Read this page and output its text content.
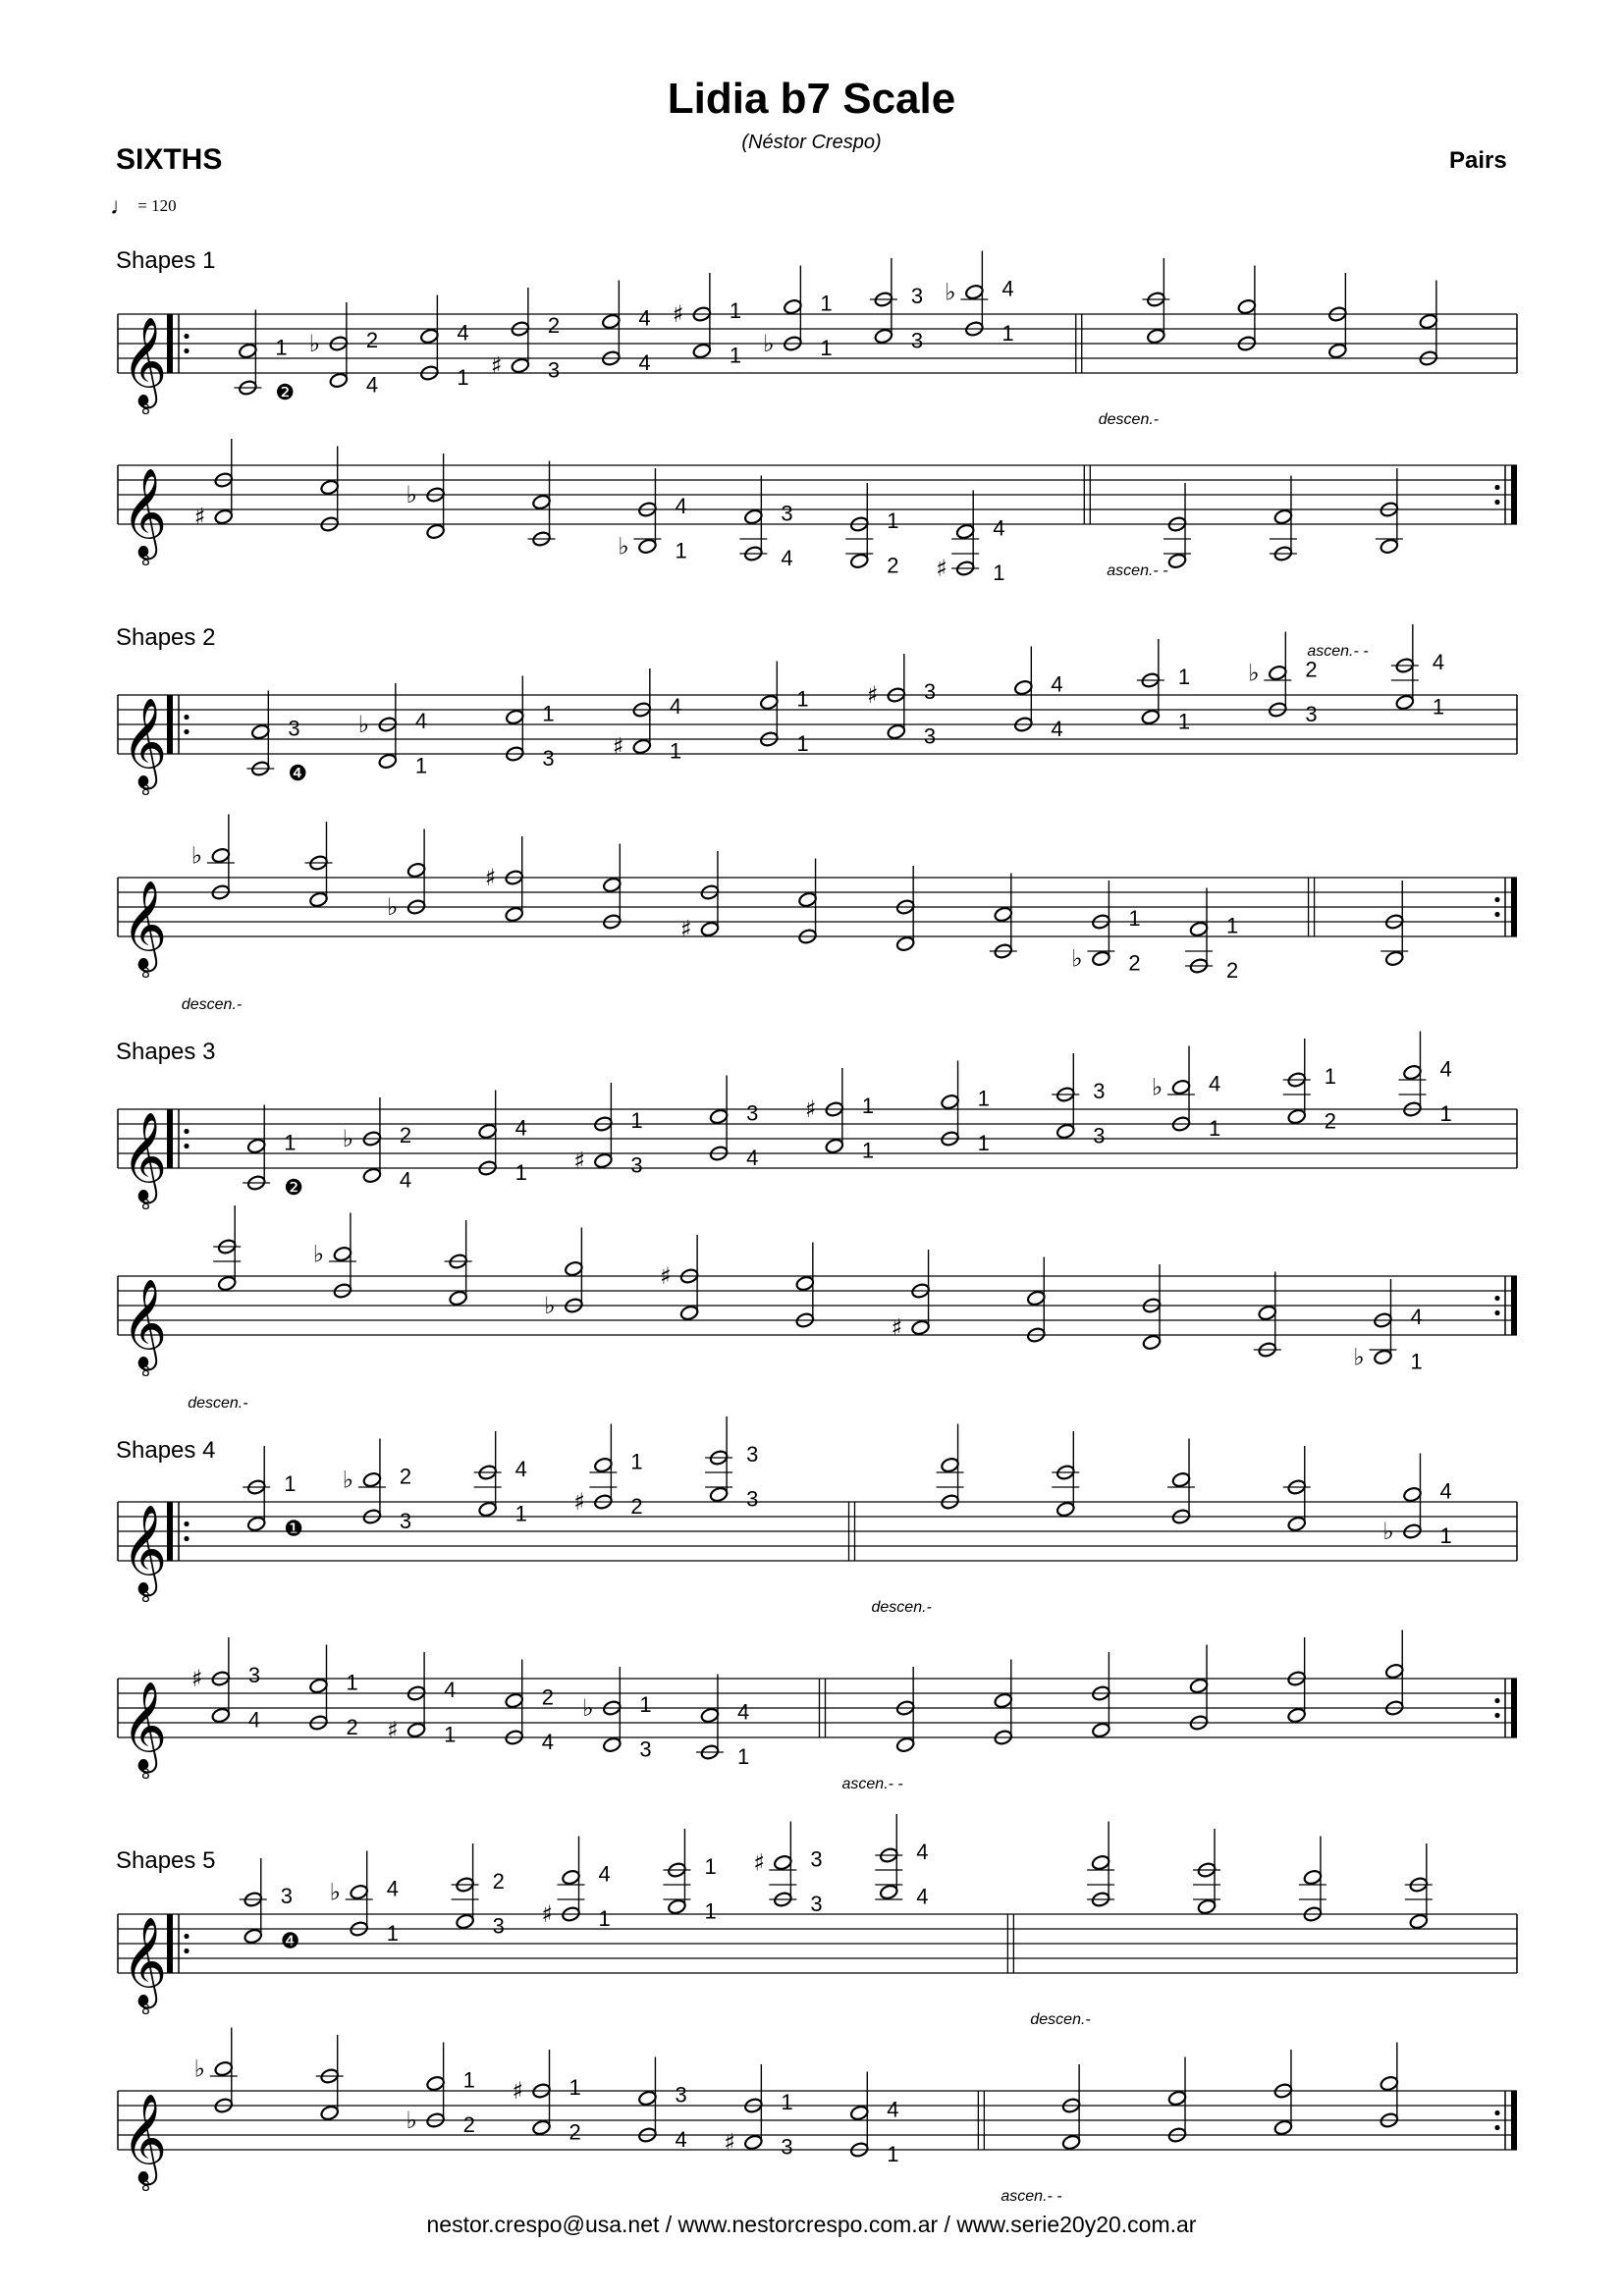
Lidia b7 Scale
(Néstor Crespo)
SIXTHS	Pairs
♩ = 120
Shapes 1
Shapes 2
Shapes 3
Shapes 4
Shapes 5
𝄞
8
1
❷
♭ 2
4
4
1 ♯
2
3
4
4
♯ 1
1 ♭
1
1
3
3
♭ 4
1
descen.-
𝄞
8
♯
♭
♭
4
1
3
4
1
2 ♯
4
1	ascen.- -
𝄞
8
3
❹
♭ 4
1
1
3 ♯
4
1
1
1
♯ 3
3
4
4
1
1
♭ 2
3
ascen.- -	4
1
𝄞
8
♭
descen.-
♭
♯
♯
♭
1
2
1
2
𝄞
8
1
❷
♭ 2
4
4
1 ♯
1
3
3
4
♯ 1
1
1
1
3
3
♭ 4
1
1
2
4
1
𝄞
8
descen.-
♭
♭
♯
♯
♭
4
1
𝄞
8
1
❶
♭ 2
3
4
1 ♯
1
2
3
3
descen.-
♭
4
1
𝄞
8
♯ 3
4
1
2 ♯
4
1
2
4
♭ 1
3
4
1
ascen.- -
𝄞
8
3
❹
♭ 4
1
2
3 ♯
4
1
1
1
♯ 3
3
4
4
descen.-
𝄞
8
♭
♭
1
2
♯ 1
2
3
4 ♯
1
3
4
1
ascen.- -
nestor.crespo@usa.net / www.nestorcrespo.com.ar / www.serie20y20.com.ar
